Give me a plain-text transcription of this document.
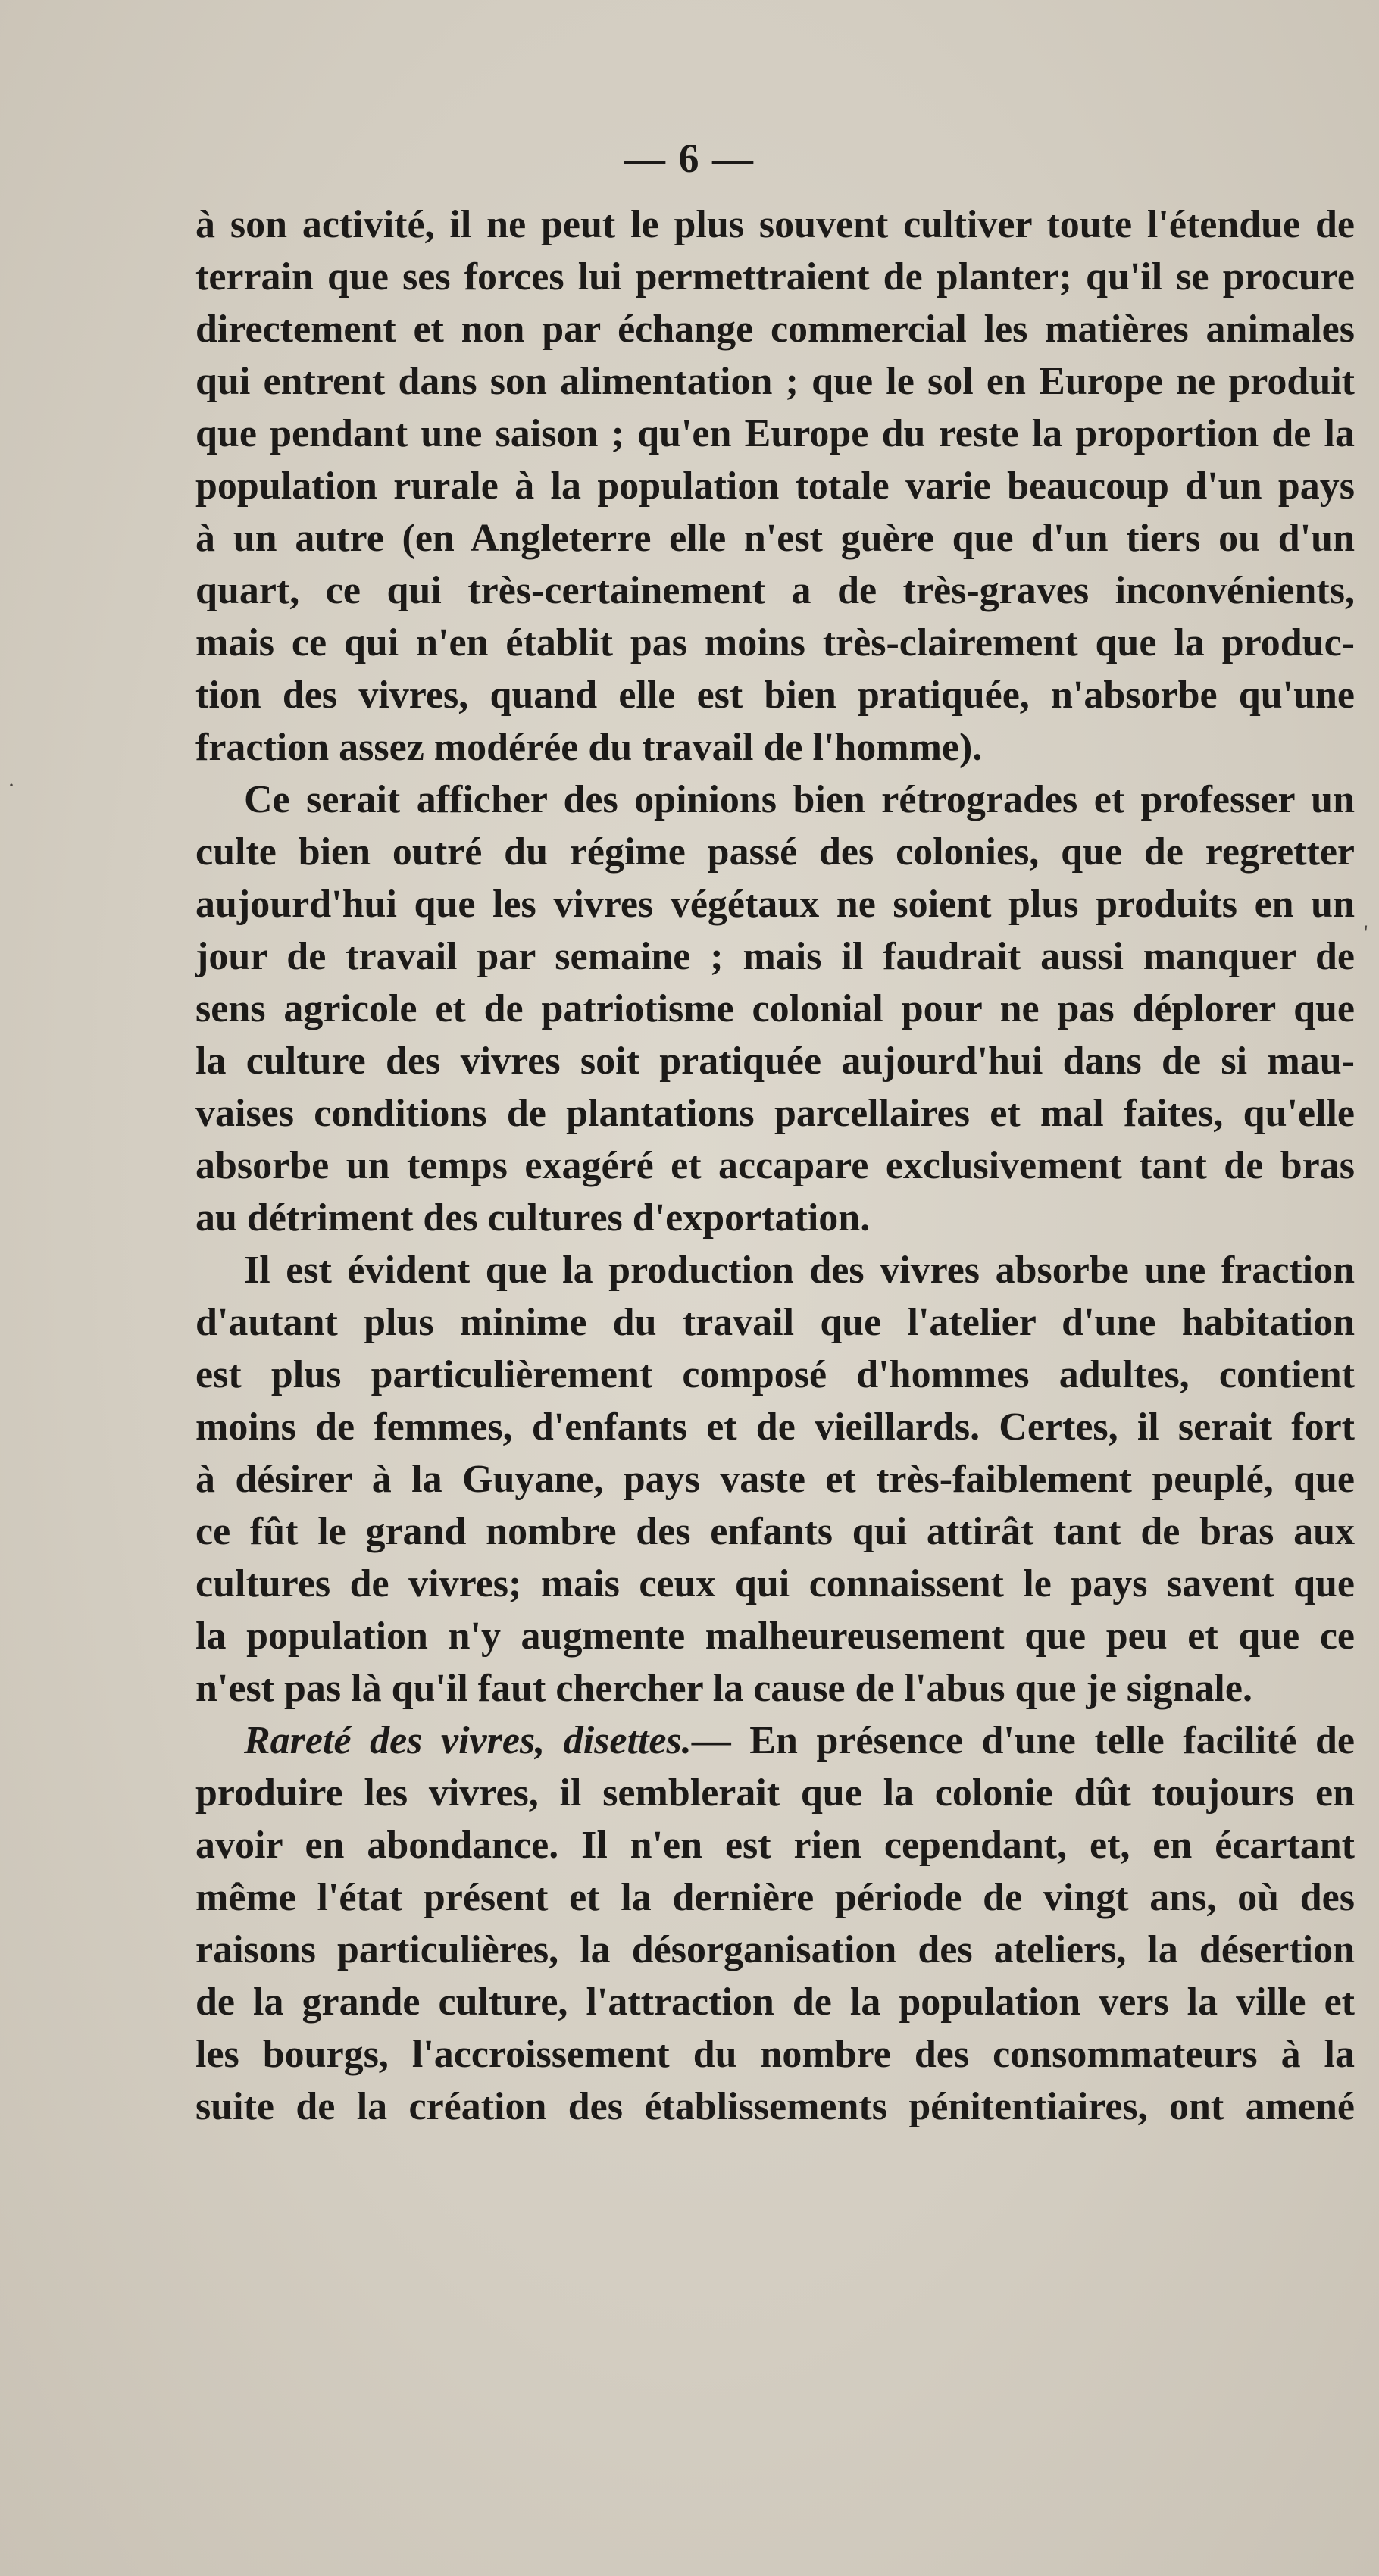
— 6 —
à son activité, il ne peut le plus souvent cultiver toute l'étendue de
terrain que ses forces lui permettraient de planter; qu'il se procure
directement et non par échange commercial les matières animales
qui entrent dans son alimentation ; que le sol en Europe ne produit
que pendant une saison ; qu'en Europe du reste la proportion de la
population rurale à la population totale varie beaucoup d'un pays
à un autre (en Angleterre elle n'est guère que d'un tiers ou d'un
quart, ce qui très-certainement a de très-graves inconvénients,
mais ce qui n'en établit pas moins très-clairement que la produc-
tion des vivres, quand elle est bien pratiquée, n'absorbe qu'une
fraction assez modérée du travail de l'homme).
Ce serait afficher des opinions bien rétrogrades et professer un
culte bien outré du régime passé des colonies, que de regretter
aujourd'hui que les vivres végétaux ne soient plus produits en un
jour de travail par semaine ; mais il faudrait aussi manquer de
sens agricole et de patriotisme colonial pour ne pas déplorer que
la culture des vivres soit pratiquée aujourd'hui dans de si mau-
vaises conditions de plantations parcellaires et mal faites, qu'elle
absorbe un temps exagéré et accapare exclusivement tant de bras
au détriment des cultures d'exportation.
Il est évident que la production des vivres absorbe une fraction
d'autant plus minime du travail que l'atelier d'une habitation
est plus particulièrement composé d'hommes adultes, contient
moins de femmes, d'enfants et de vieillards. Certes, il serait fort
à désirer à la Guyane, pays vaste et très-faiblement peuplé, que
ce fût le grand nombre des enfants qui attirât tant de bras aux
cultures de vivres; mais ceux qui connaissent le pays savent que
la population n'y augmente malheureusement que peu et que ce
n'est pas là qu'il faut chercher la cause de l'abus que je signale.
Rareté des vivres, disettes.— En présence d'une telle facilité de
produire les vivres, il semblerait que la colonie dût toujours en
avoir en abondance. Il n'en est rien cependant, et, en écartant
même l'état présent et la dernière période de vingt ans, où des
raisons particulières, la désorganisation des ateliers, la désertion
de la grande culture, l'attraction de la population vers la ville et
les bourgs, l'accroissement du nombre des consommateurs à la
suite de la création des établissements pénitentiaires, ont amené
·
'
